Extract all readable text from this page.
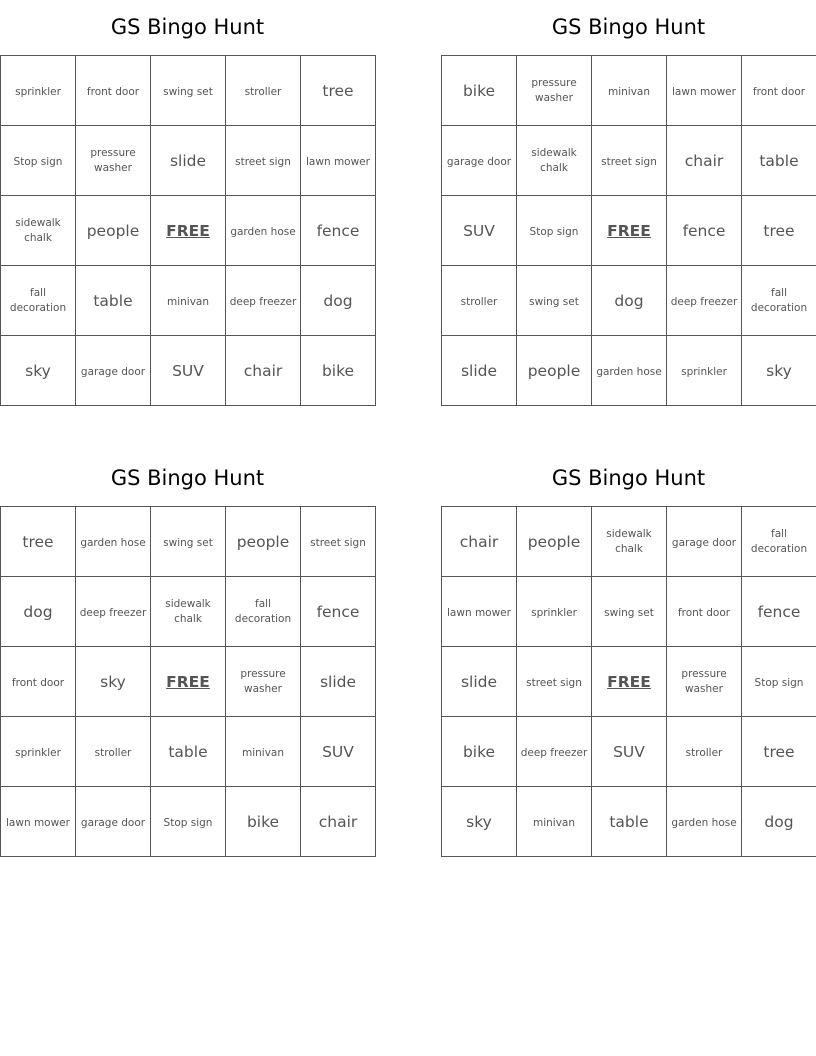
GS Bingo Hunt
sprinkler	front door	swing set	stroller	tree
Stop sign	pressure washer	slide	street sign	lawn mower
sidewalk chalk	people	FREE	garden hose	fence
fall decoration	table	minivan	deep freezer	dog
sky	garage door	SUV	chair	bike
GS Bingo Hunt
bike	pressure washer	minivan	lawn mower	front door
garage door	sidewalk chalk	street sign	chair	table
SUV	Stop sign	FREE	fence	tree
stroller	swing set	dog	deep freezer	fall decoration
slide	people	garden hose	sprinkler	sky
GS Bingo Hunt
tree	garden hose	swing set	people	street sign
dog	deep freezer	sidewalk chalk	fall decoration	fence
front door	sky	FREE	pressure washer	slide
sprinkler	stroller	table	minivan	SUV
lawn mower	garage door	Stop sign	bike	chair
GS Bingo Hunt
chair	people	sidewalk chalk	garage door	fall decoration
lawn mower	sprinkler	swing set	front door	fence
slide	street sign	FREE	pressure washer	Stop sign
bike	deep freezer	SUV	stroller	tree
sky	minivan	table	garden hose	dog
